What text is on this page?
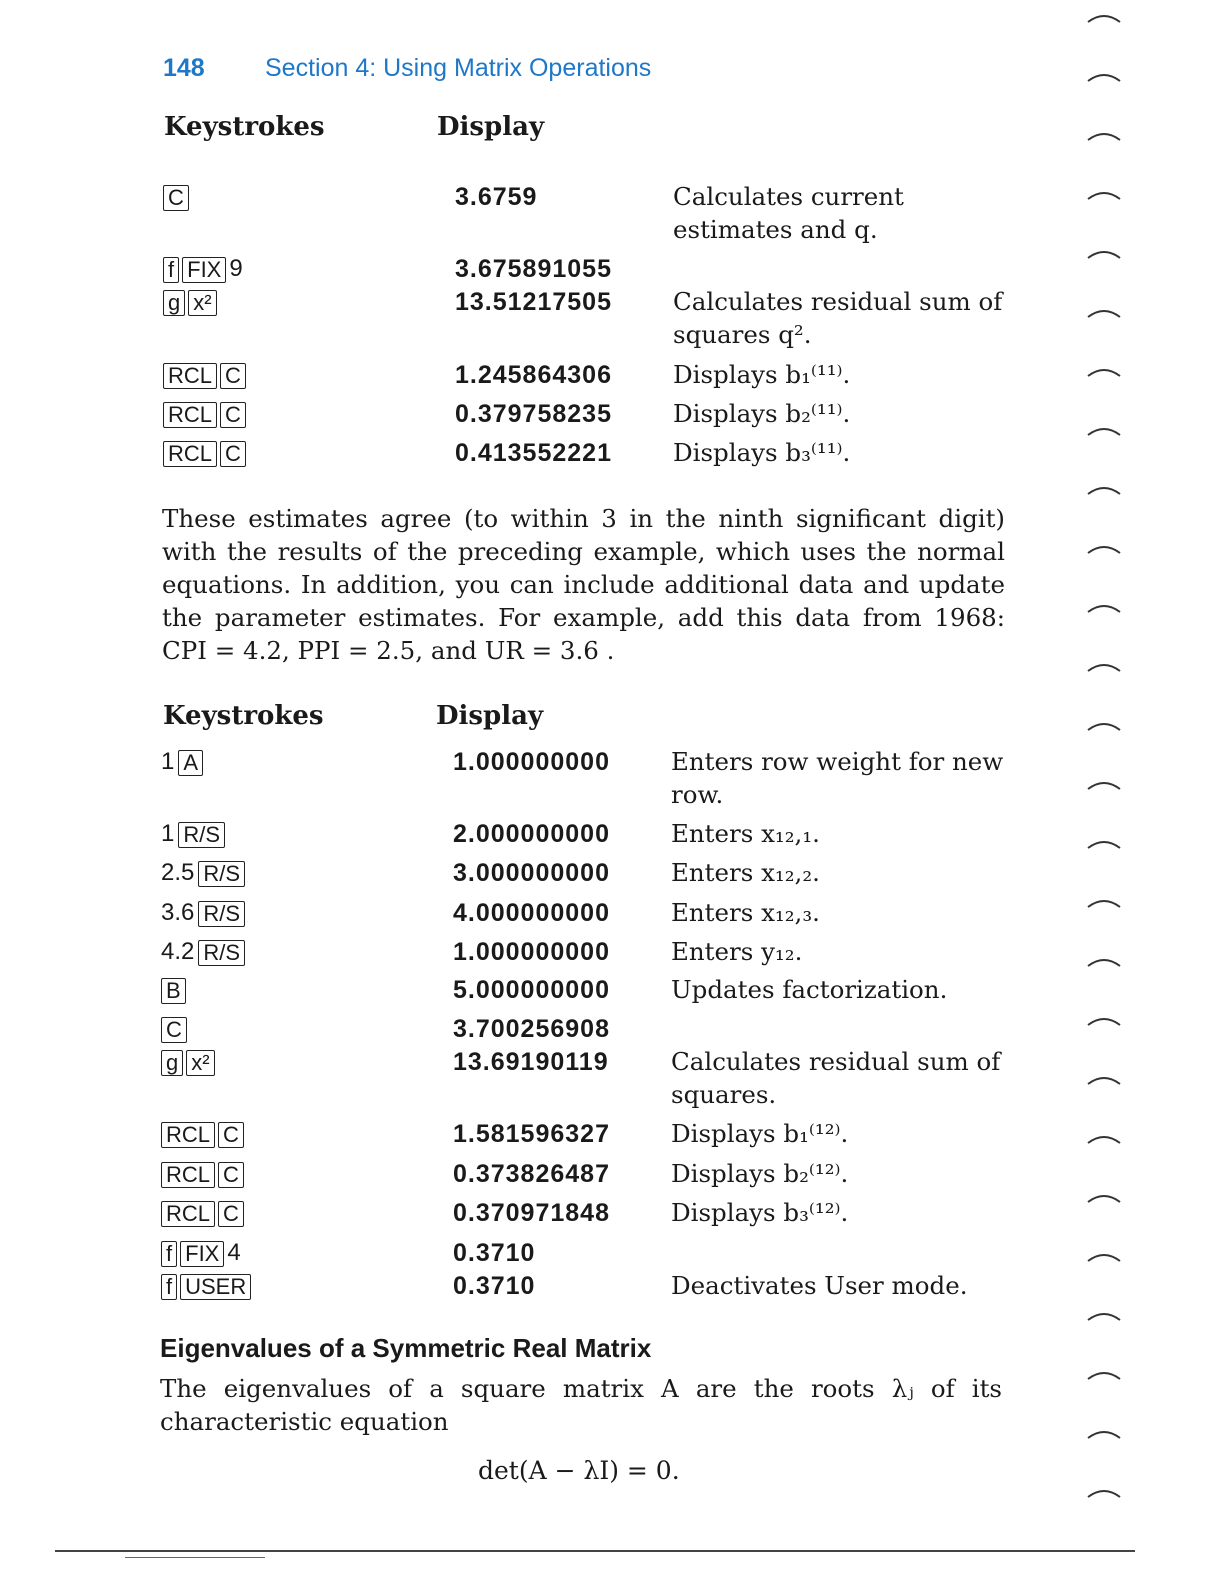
148 Section 4: Using Matrix Operations
Keystrokes	Display
C	3.6759	Calculates current estimates and q.
f FIX 9	3.675891055
g x²	13.51217505 Calculates residual sum of squares q².
RCL C	1.245864306 Displays b₁⁽¹¹⁾.
RCL C	0.379758235 Displays b₂⁽¹¹⁾.
RCL C	0.413552221 Displays b₃⁽¹¹⁾.
These estimates agree (to within 3 in the ninth significant digit) with the results of the preceding example, which uses the normal equations. In addition, you can include additional data and update the parameter estimates. For example, add this data from 1968: CPI = 4.2, PPI = 2.5, and UR = 3.6 .
Keystrokes	Display
1 A	1.000000000 Enters row weight for new row.
1 R/S	2.000000000 Enters x₁₂,₁.
2.5 R/S	3.000000000 Enters x₁₂,₂.
3.6 R/S	4.000000000 Enters x₁₂,₃.
4.2 R/S	1.000000000 Enters y₁₂.
B	5.000000000 Updates factorization.
C	3.700256908
g x²	13.69190119	Calculates residual sum of squares.
RCL C	1.581596327 Displays b₁⁽¹²⁾.
RCL C	0.373826487 Displays b₂⁽¹²⁾.
RCL C	0.370971848 Displays b₃⁽¹²⁾.
f FIX 4	0.3710
f USER	0.3710	Deactivates User mode.
Eigenvalues of a Symmetric Real Matrix
The eigenvalues of a square matrix A are the roots λⱼ of its characteristic equation
det(A − λI) = 0.
